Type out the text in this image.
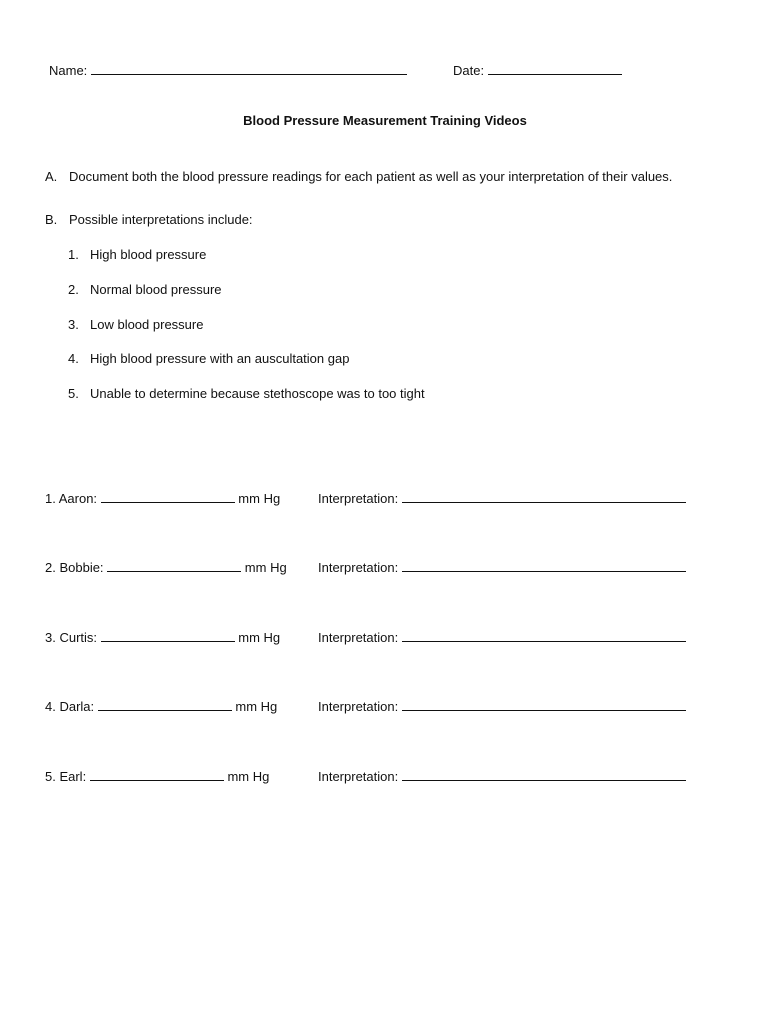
Name:	Date:
Blood Pressure Measurement Training Videos
A. Document both the blood pressure readings for each patient as well as your interpretation of their values.
B. Possible interpretations include:
1. High blood pressure
2. Normal blood pressure
3. Low blood pressure
4. High blood pressure with an auscultation gap
5. Unable to determine because stethoscope was to too tight
1. Aaron:	mm Hg	Interpretation:
2. Bobbie:	mm Hg Interpretation:
3. Curtis:	mm Hg	Interpretation:
4. Darla:	mm Hg	Interpretation:
5. Earl:	mm Hg	Interpretation:
